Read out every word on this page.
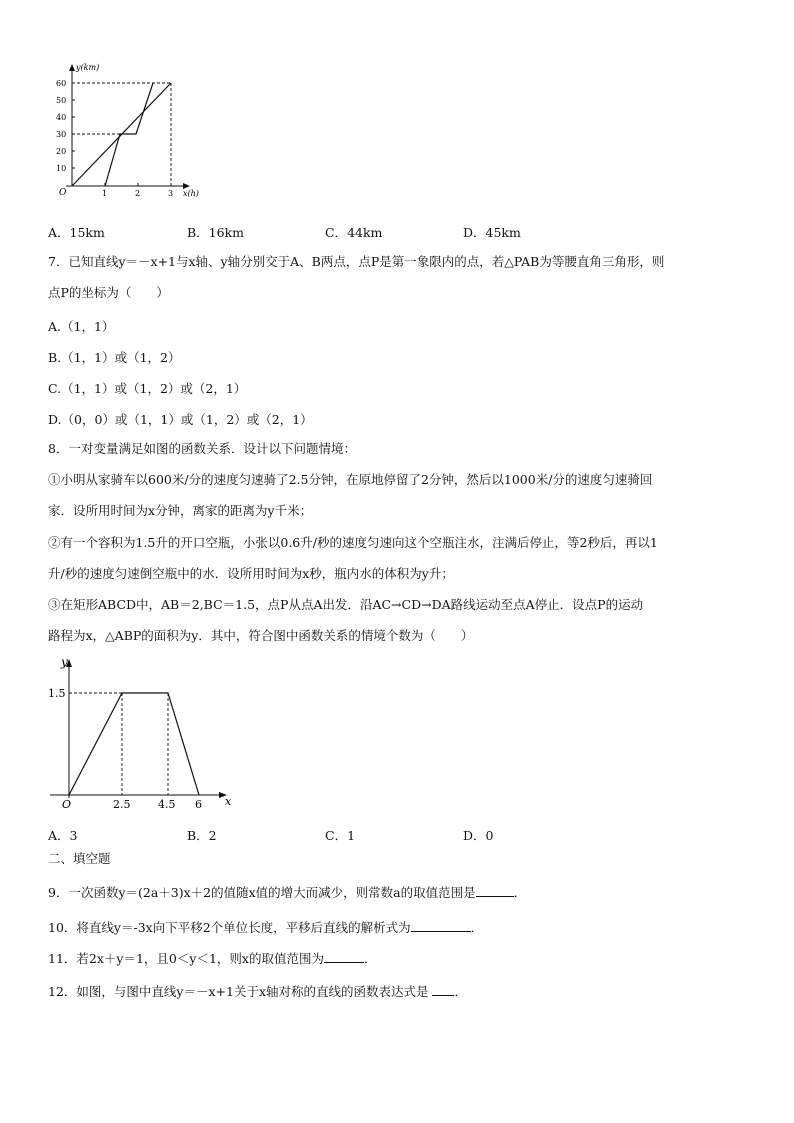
y(km)
x(h)
O
60
50
40
30
20
10
1	2	3
A．15km	B．16km	C．44km	D．45km
7．已知直线y＝－x+1与x轴、y轴分别交于A、B两点，点P是第一象限内的点，若△PAB为等腰直角三角形，则
点P的坐标为（　　）
A.（1，1）
B.（1，1）或（1，2）
C.（1，1）或（1，2）或（2，1）
D.（0，0）或（1，1）或（1，2）或（2，1）
8．一对变量满足如图的函数关系．设计以下问题情境：
①小明从家骑车以600米/分的速度匀速骑了2.5分钟，在原地停留了2分钟，然后以1000米/分的速度匀速骑回
家．设所用时间为x分钟，离家的距离为y千米；
②有一个容积为1.5升的开口空瓶，小张以0.6升/秒的速度匀速向这个空瓶注水，注满后停止，等2秒后，再以1
升/秒的速度匀速倒空瓶中的水．设所用时间为x秒，瓶内水的体积为y升；
③在矩形ABCD中，AB＝2,BC＝1.5，点P从点A出发．沿AC→CD→DA路线运动至点A停止．设点P的运动
路程为x，△ABP的面积为y．其中，符合图中函数关系的情境个数为（　　）
y
x
O
1.5
2.5	4.5 6
A．3	B．2	C．1	D．0
二、填空题
9．一次函数y＝(2a＋3)x＋2的值随x值的增大而减少，则常数a的取值范围是	．
10．将直线y＝-3x向下平移2个单位长度，平移后直线的解析式为	．
11．若2x＋y＝1，且0＜y＜1，则x的取值范围为	．
12．如图，与图中直线y＝－x+1关于x轴对称的直线的函数表达式是 ．
